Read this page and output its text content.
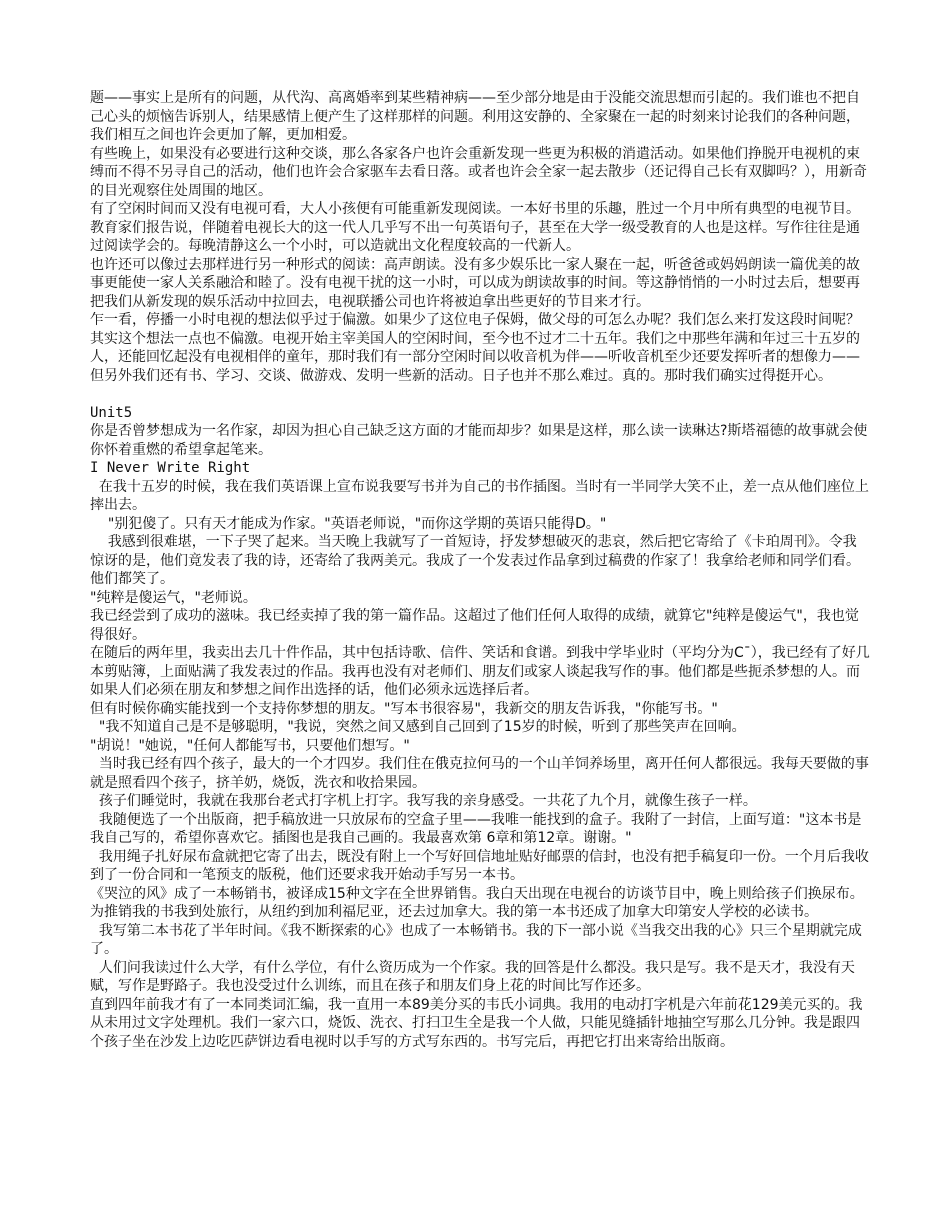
题——事实上是所有的问题，从代沟、高离婚率到某些精神病——至少部分地是由于没能交流思想而引起的。我们谁也不把自己心头的烦恼告诉别人，结果感情上便产生了这样那样的问题。利用这安静的、全家聚在一起的时刻来讨论我们的各种问题，我们相互之间也许会更加了解，更加相爱。

有些晚上，如果没有必要进行这种交谈，那么各家各户也许会重新发现一些更为积极的消遣活动。如果他们挣脱开电视机的束缚而不得不另寻自己的活动，他们也许会合家驱车去看日落。或者也许会全家一起去散步（还记得自己长有双脚吗？），用新奇的目光观察住处周围的地区。

有了空闲时间而又没有电视可看，大人小孩便有可能重新发现阅读。一本好书里的乐趣，胜过一个月中所有典型的电视节目。教育家们报告说，伴随着电视长大的这一代人几乎写不出一句英语句子，甚至在大学一级受教育的人也是这样。写作往往是通过阅读学会的。每晚清静这么一个小时，可以造就出文化程度较高的一代新人。

也许还可以像过去那样进行另一种形式的阅读：高声朗读。没有多少娱乐比一家人聚在一起，听爸爸或妈妈朗读一篇优美的故事更能使一家人关系融洽和睦了。没有电视干扰的这一小时，可以成为朗读故事的时间。等这静悄悄的一小时过去后，想要再把我们从新发现的娱乐活动中拉回去，电视联播公司也许将被迫拿出些更好的节目来才行。

乍一看，停播一小时电视的想法似乎过于偏激。如果少了这位电子保姆，做父母的可怎么办呢？我们怎么来打发这段时间呢？其实这个想法一点也不偏激。电视开始主宰美国人的空闲时间，至今也不过才二十五年。我们之中那些年满和年过三十五岁的人，还能回忆起没有电视相伴的童年，那时我们有一部分空闲时间以收音机为伴——听收音机至少还要发挥听者的想像力——但另外我们还有书、学习、交谈、做游戏、发明一些新的活动。日子也并不那么难过。真的。那时我们确实过得挺开心。

Unit5

你是否曾梦想成为一名作家，却因为担心自己缺乏这方面的才能而却步？如果是这样，那么读一读琳达?斯塔福德的故事就会使你怀着重燃的希望拿起笔来。

I Never Write Right

在我十五岁的时候，我在我们英语课上宣布说我要写书并为自己的书作插图。当时有一半同学大笑不止，差一点从他们座位上摔出去。

"别犯傻了。只有天才能成为作家。"英语老师说，"而你这学期的英语只能得D。"

我感到很难堪，一下子哭了起来。当天晚上我就写了一首短诗，抒发梦想破灭的悲哀，然后把它寄给了《卡珀周刊》。令我惊讶的是，他们竟发表了我的诗，还寄给了我两美元。我成了一个发表过作品拿到过稿费的作家了！我拿给老师和同学们看。他们都笑了。

"纯粹是傻运气，"老师说。

我已经尝到了成功的滋味。我已经卖掉了我的第一篇作品。这超过了他们任何人取得的成绩，就算它"纯粹是傻运气"，我也觉得很好。

在随后的两年里，我卖出去几十件作品，其中包括诗歌、信件、笑话和食谱。到我中学毕业时（平均分为C¯），我已经有了好几本剪贴簿，上面贴满了我发表过的作品。我再也没有对老师们、朋友们或家人谈起我写作的事。他们都是些扼杀梦想的人。而如果人们必须在朋友和梦想之间作出选择的话，他们必须永远选择后者。

但有时候你确实能找到一个支持你梦想的朋友。"写本书很容易"，我新交的朋友告诉我，"你能写书。"

"我不知道自己是不是够聪明，"我说，突然之间又感到自己回到了15岁的时候，听到了那些笑声在回响。

"胡说！"她说，"任何人都能写书，只要他们想写。"

当时我已经有四个孩子，最大的一个才四岁。我们住在俄克拉何马的一个山羊饲养场里，离开任何人都很远。我每天要做的事就是照看四个孩子，挤羊奶，烧饭，洗衣和收拾果园。

孩子们睡觉时，我就在我那台老式打字机上打字。我写我的亲身感受。一共花了九个月，就像生孩子一样。

我随便选了一个出版商，把手稿放进一只放尿布的空盒子里——我唯一能找到的盒子。我附了一封信，上面写道："这本书是我自己写的，希望你喜欢它。插图也是我自己画的。我最喜欢第 6章和第12章。谢谢。"

我用绳子扎好尿布盒就把它寄了出去，既没有附上一个写好回信地址贴好邮票的信封，也没有把手稿复印一份。一个月后我收到了一份合同和一笔预支的版税，他们还要求我开始动手写另一本书。

《哭泣的风》成了一本畅销书，被译成15种文字在全世界销售。我白天出现在电视台的访谈节目中，晚上则给孩子们换尿布。为推销我的书我到处旅行，从纽约到加利福尼亚，还去过加拿大。我的第一本书还成了加拿大印第安人学校的必读书。

我写第二本书花了半年时间。《我不断探索的心》也成了一本畅销书。我的下一部小说《当我交出我的心》只三个星期就完成了。

人们问我读过什么大学，有什么学位，有什么资历成为一个作家。我的回答是什么都没。我只是写。我不是天才，我没有天赋，写作是野路子。我也没受过什么训练，而且在孩子和朋友们身上花的时间比写作还多。

直到四年前我才有了一本同类词汇编，我一直用一本89美分买的韦氏小词典。我用的电动打字机是六年前花129美元买的。我从未用过文字处理机。我们一家六口，烧饭、洗衣、打扫卫生全是我一个人做，只能见缝插针地抽空写那么几分钟。我是跟四个孩子坐在沙发上边吃匹萨饼边看电视时以手写的方式写东西的。书写完后，再把它打出来寄给出版商。
